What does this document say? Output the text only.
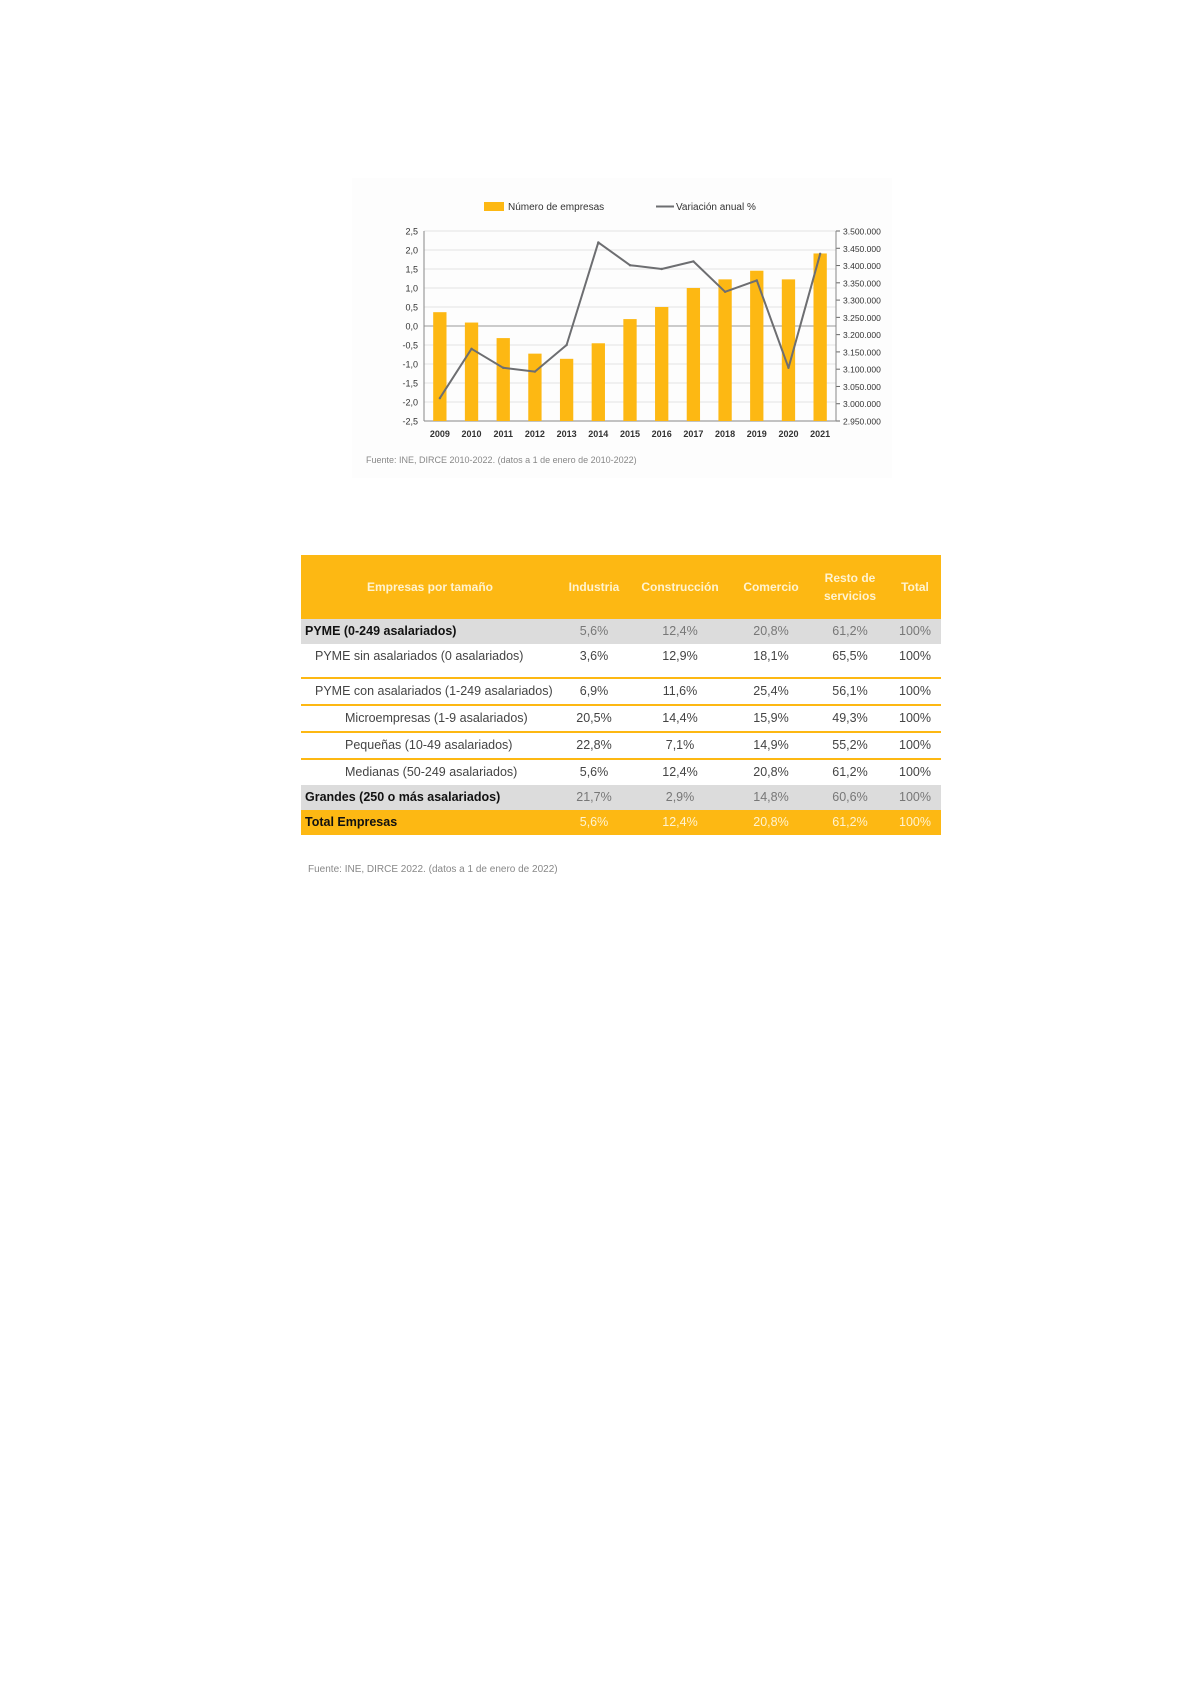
2,5
2,0
1,5
1,0
0,5
0,0
-0,5
-1,0
-1,5
-2,0
-2,5
3.500.000
3.450.000
3.400.000
3.350.000
3.300.000
3.250.000
3.200.000
3.150.000
3.100.000
3.050.000
3.000.000
2.950.000
2009 2010 2011 2012 2013 2014 2015 2016 2017 2018 2019 2020 2021
Número de empresas	Variación anual %
Fuente: INE, DIRCE 2010-2022. (datos a 1 de enero de 2010-2022)
Empresas por tamaño	Industria	Construcción	Comercio	Resto de servicios	Total
PYME (0-249 asalariados)	5,6%	12,4%	20,8%	61,2%	100%
PYME sin asalariados (0 asalariados)	3,6%	12,9%	18,1%	65,5%	100%
PYME con asalariados (1-249 asalariados)	6,9%	11,6%	25,4%	56,1%	100%
Microempresas (1-9 asalariados)	20,5%	14,4%	15,9%	49,3%	100%
Pequeñas (10-49 asalariados)	22,8%	7,1%	14,9%	55,2%	100%
Medianas (50-249 asalariados)	5,6%	12,4%	20,8%	61,2%	100%
Grandes (250 o más asalariados)	21,7%	2,9%	14,8%	60,6%	100%
Total Empresas	5,6%	12,4%	20,8%	61,2%	100%
Fuente: INE, DIRCE 2022. (datos a 1 de enero de 2022)
